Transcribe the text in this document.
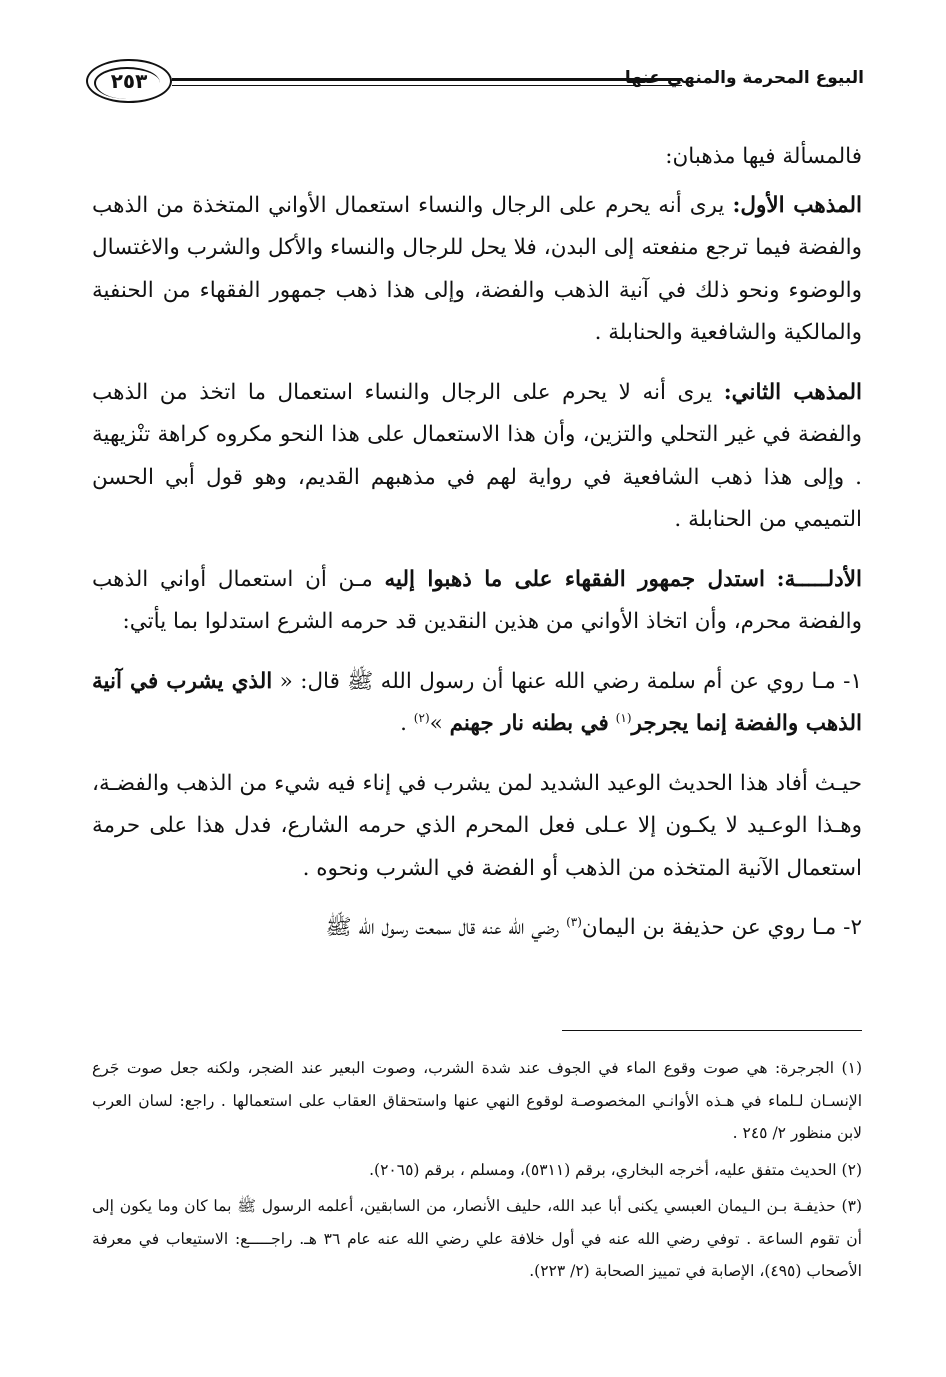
البيوع المحرمة والمنهي عنها
٢٥٣

فالمسألة فيها مذهبان:

المذهب الأول: يرى أنه يحرم على الرجال والنساء استعمال الأواني المتخذة من الذهب والفضة فيما ترجع منفعته إلى البدن، فلا يحل للرجال والنساء والأكل والشرب والاغتسال والوضوء ونحو ذلك في آنية الذهب والفضة، وإلى هذا ذهب جمهور الفقهاء من الحنفية والمالكية والشافعية والحنابلة .

المذهب الثاني: يرى أنه لا يحرم على الرجال والنساء استعمال ما اتخذ من الذهب والفضة في غير التحلي والتزين، وأن هذا الاستعمال على هذا النحو مكروه كراهة تنْزيهية . وإلى هذا ذهب الشافعية في رواية لهم في مذهبهم القديم، وهو قول أبي الحسن التميمي من الحنابلة .

الأدلـــــة: استدل جمهور الفقهاء على ما ذهبوا إليه مـن أن استعمال أواني الذهب والفضة محرم، وأن اتخاذ الأواني من هذين النقدين قد حرمه الشرع استدلوا بما يأتي:

١- مـا روي عن أم سلمة رضي الله عنها أن رسول الله ﷺ قال: « الذي يشرب في آنية الذهب والفضة إنما يجرجر$^{(١)}$ في بطنه نار جهنم »$^{(٢)}$ .

حيـث أفاد هذا الحديث الوعيد الشديد لمن يشرب في إناء فيه شيء من الذهب والفضـة، وهـذا الوعـيد لا يكـون إلا عـلى فعل المحرم الذي حرمه الشارع، فدل هذا على حرمة استعمال الآنية المتخذه من الذهب أو الفضة في الشرب ونحوه .

٢- مـا روي عن حذيفة بن اليمان$^{(٣)}$ رضي الله عنه قال سمعت رسول الله ﷺ

(١) الجرجرة: هي صوت وقوع الماء في الجوف عند شدة الشرب، وصوت البعير عند الضجر، ولكنه جعل صوت جَرع الإنسـان لـلماء في هـذه الأوانـي المخصوصـة لوقوع النهي عنها واستحقاق العقاب على استعمالها . راجع: لسان العرب لابن منظور ٢/ ٢٤٥ .

(٢) الحديث متفق عليه، أخرجه البخاري، برقم (٥٣١١)، ومسلم ، برقم (٢٠٦٥).

(٣) حذيفـة بـن الـيمان العبسي يكنى أبا عبد الله، حليف الأنصار، من السابقين، أعلمه الرسول ﷺ بما كان وما يكون إلى أن تقوم الساعة . توفي رضي الله عنه في أول خلافة علي رضي الله عنه عام ٣٦ هـ. راجـــــع: الاستيعاب في معرفة الأصحاب (٤٩٥)، الإصابة في تمييز الصحابة (٢/ ٢٢٣).
